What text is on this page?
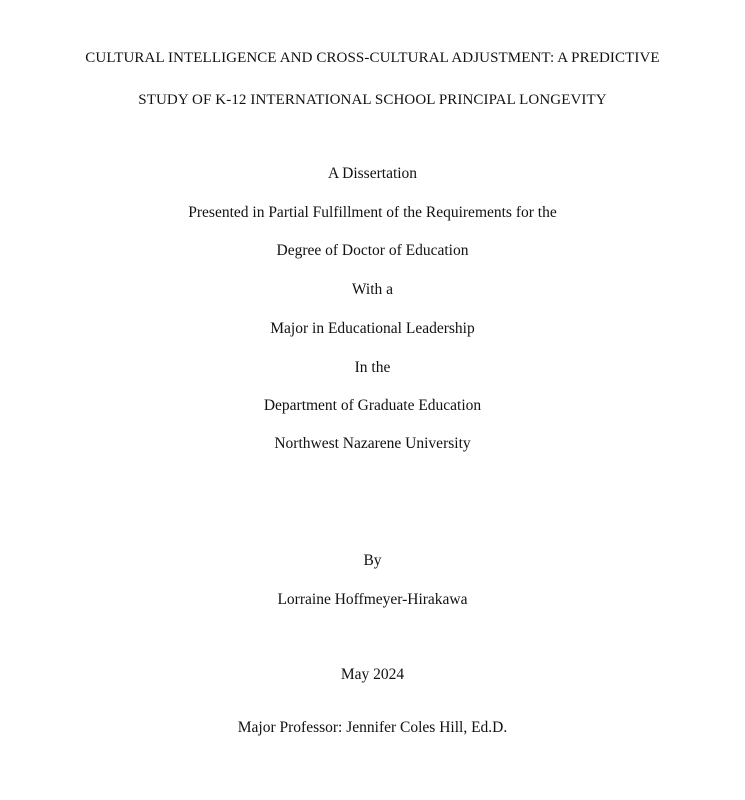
CULTURAL INTELLIGENCE AND CROSS-CULTURAL ADJUSTMENT: A PREDICTIVE
STUDY OF K-12 INTERNATIONAL SCHOOL PRINCIPAL LONGEVITY
A Dissertation
Presented in Partial Fulfillment of the Requirements for the
Degree of Doctor of Education
With a
Major in Educational Leadership
In the
Department of Graduate Education
Northwest Nazarene University
By
Lorraine Hoffmeyer-Hirakawa
May 2024
Major Professor: Jennifer Coles Hill, Ed.D.
